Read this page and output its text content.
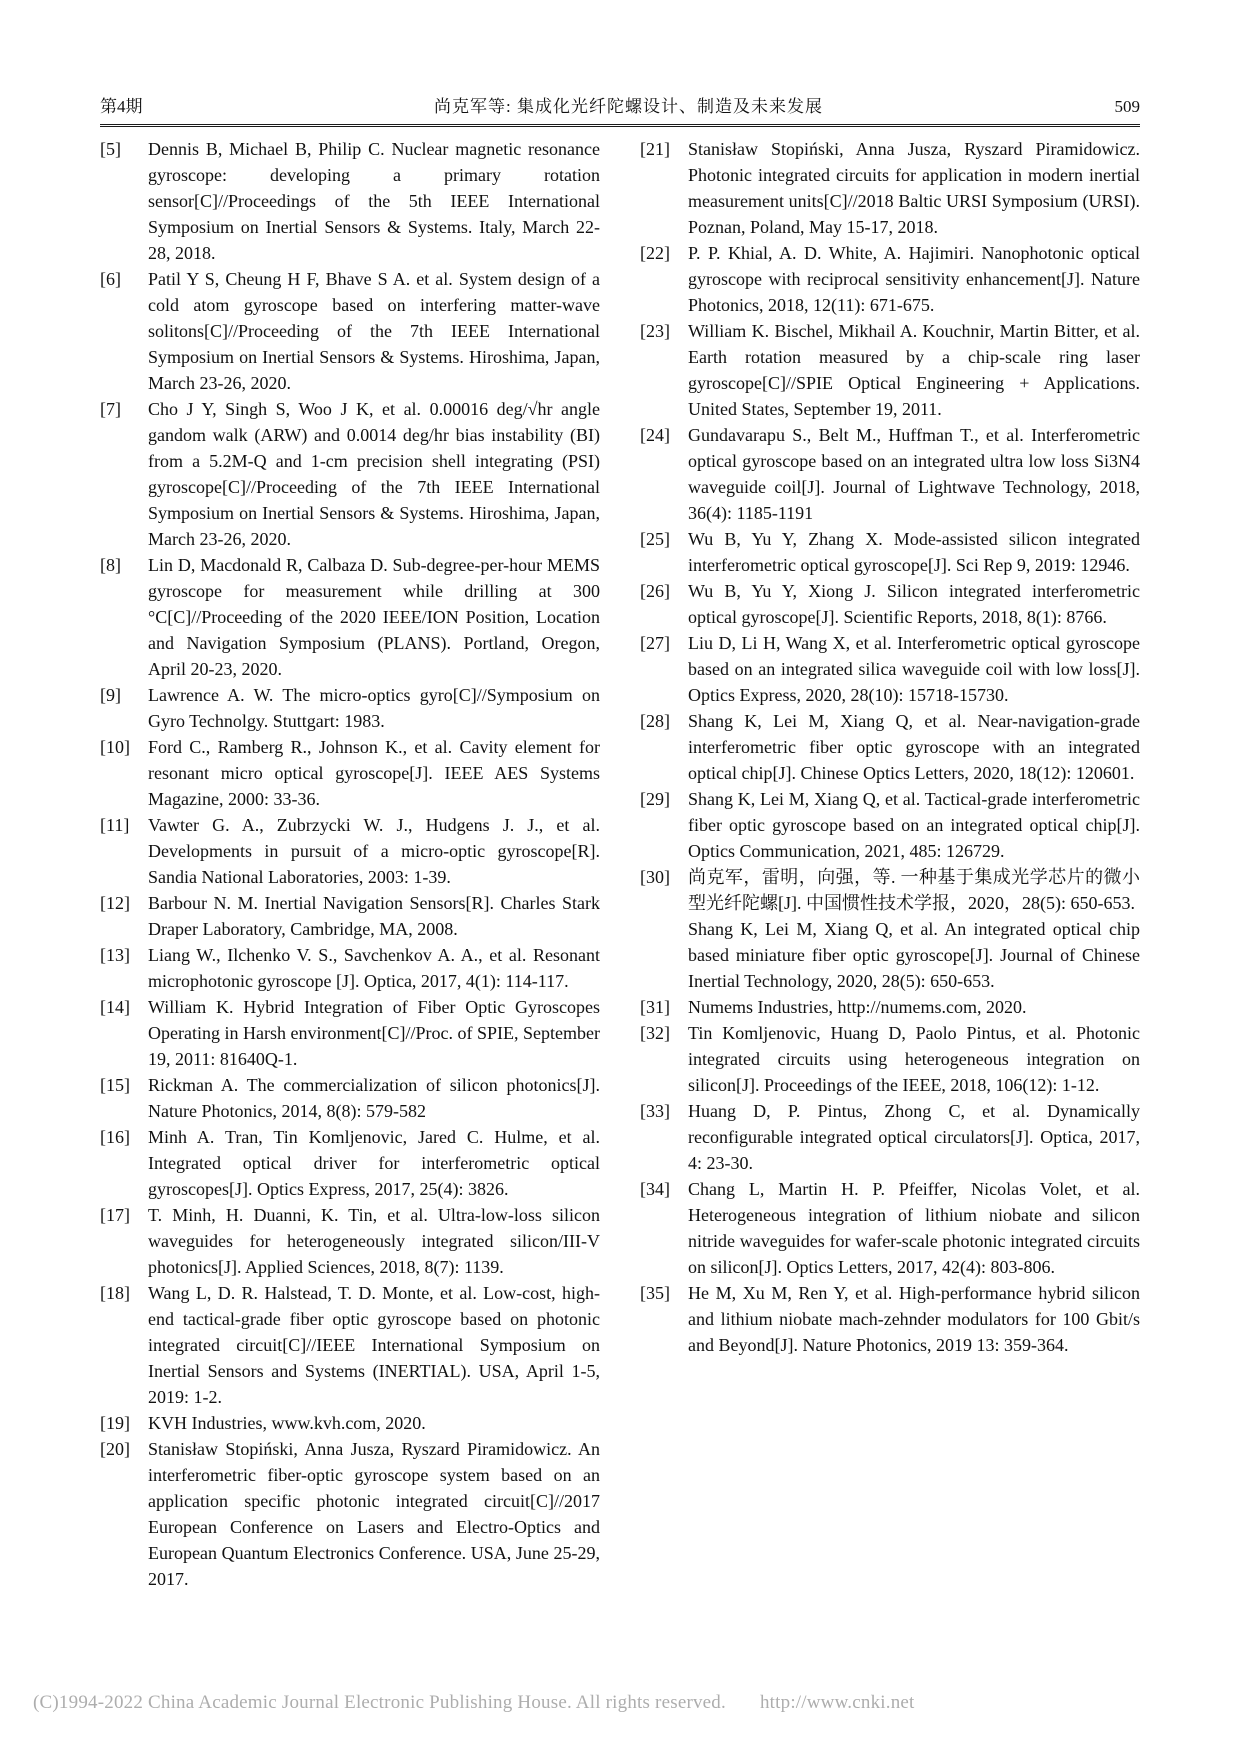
第4期	尚克军等: 集成化光纤陀螺设计、制造及未来发展	509
[5] Dennis B, Michael B, Philip C. Nuclear magnetic resonance gyroscope: developing a primary rotation sensor[C]//Proceedings of the 5th IEEE International Symposium on Inertial Sensors & Systems. Italy, March 22-28, 2018.
[6] Patil Y S, Cheung H F, Bhave S A. et al. System design of a cold atom gyroscope based on interfering matter-wave solitons[C]//Proceeding of the 7th IEEE International Symposium on Inertial Sensors & Systems. Hiroshima, Japan, March 23-26, 2020.
[7] Cho J Y, Singh S, Woo J K, et al. 0.00016 deg/√hr angle gandom walk (ARW) and 0.0014 deg/hr bias instability (BI) from a 5.2M-Q and 1-cm precision shell integrating (PSI) gyroscope[C]//Proceeding of the 7th IEEE International Symposium on Inertial Sensors & Systems. Hiroshima, Japan, March 23-26, 2020.
[8] Lin D, Macdonald R, Calbaza D. Sub-degree-per-hour MEMS gyroscope for measurement while drilling at 300 °C[C]//Proceeding of the 2020 IEEE/ION Position, Location and Navigation Symposium (PLANS). Portland, Oregon, April 20-23, 2020.
[9] Lawrence A. W. The micro-optics gyro[C]//Symposium on Gyro Technolgy. Stuttgart: 1983.
[10] Ford C., Ramberg R., Johnson K., et al. Cavity element for resonant micro optical gyroscope[J]. IEEE AES Systems Magazine, 2000: 33-36.
[11] Vawter G. A., Zubrzycki W. J., Hudgens J. J., et al. Developments in pursuit of a micro-optic gyroscope[R]. Sandia National Laboratories, 2003: 1-39.
[12] Barbour N. M. Inertial Navigation Sensors[R]. Charles Stark Draper Laboratory, Cambridge, MA, 2008.
[13] Liang W., Ilchenko V. S., Savchenkov A. A., et al. Resonant microphotonic gyroscope [J]. Optica, 2017, 4(1): 114-117.
[14] William K. Hybrid Integration of Fiber Optic Gyroscopes Operating in Harsh environment[C]//Proc. of SPIE, September 19, 2011: 81640Q-1.
[15] Rickman A. The commercialization of silicon photonics[J]. Nature Photonics, 2014, 8(8): 579-582
[16] Minh A. Tran, Tin Komljenovic, Jared C. Hulme, et al. Integrated optical driver for interferometric optical gyroscopes[J]. Optics Express, 2017, 25(4): 3826.
[17] T. Minh, H. Duanni, K. Tin, et al. Ultra-low-loss silicon waveguides for heterogeneously integrated silicon/III-V photonics[J]. Applied Sciences, 2018, 8(7): 1139.
[18] Wang L, D. R. Halstead, T. D. Monte, et al. Low-cost, high-end tactical-grade fiber optic gyroscope based on photonic integrated circuit[C]//IEEE International Symposium on Inertial Sensors and Systems (INERTIAL). USA, April 1-5, 2019: 1-2.
[19] KVH Industries, www.kvh.com, 2020.
[20] Stanisław Stopiński, Anna Jusza, Ryszard Piramidowicz. An interferometric fiber-optic gyroscope system based on an application specific photonic integrated circuit[C]//2017 European Conference on Lasers and Electro-Optics and European Quantum Electronics Conference. USA, June 25-29, 2017.
[21] Stanisław Stopiński, Anna Jusza, Ryszard Piramidowicz. Photonic integrated circuits for application in modern inertial measurement units[C]//2018 Baltic URSI Symposium (URSI). Poznan, Poland, May 15-17, 2018.
[22] P. P. Khial, A. D. White, A. Hajimiri. Nanophotonic optical gyroscope with reciprocal sensitivity enhancement[J]. Nature Photonics, 2018, 12(11): 671-675.
[23] William K. Bischel, Mikhail A. Kouchnir, Martin Bitter, et al. Earth rotation measured by a chip-scale ring laser gyroscope[C]//SPIE Optical Engineering + Applications. United States, September 19, 2011.
[24] Gundavarapu S., Belt M., Huffman T., et al. Interferometric optical gyroscope based on an integrated ultra low loss Si3N4 waveguide coil[J]. Journal of Lightwave Technology, 2018, 36(4): 1185-1191
[25] Wu B, Yu Y, Zhang X. Mode-assisted silicon integrated interferometric optical gyroscope[J]. Sci Rep 9, 2019: 12946.
[26] Wu B, Yu Y, Xiong J. Silicon integrated interferometric optical gyroscope[J]. Scientific Reports, 2018, 8(1): 8766.
[27] Liu D, Li H, Wang X, et al. Interferometric optical gyroscope based on an integrated silica waveguide coil with low loss[J]. Optics Express, 2020, 28(10): 15718-15730.
[28] Shang K, Lei M, Xiang Q, et al. Near-navigation-grade interferometric fiber optic gyroscope with an integrated optical chip[J]. Chinese Optics Letters, 2020, 18(12): 120601.
[29] Shang K, Lei M, Xiang Q, et al. Tactical-grade interferometric fiber optic gyroscope based on an integrated optical chip[J]. Optics Communication, 2021, 485: 126729.
[30] 尚克军，雷明，向强，等. 一种基于集成光学芯片的微小型光纤陀螺[J]. 中国惯性技术学报，2020，28(5): 650-653.
Shang K, Lei M, Xiang Q, et al. An integrated optical chip based miniature fiber optic gyroscope[J]. Journal of Chinese Inertial Technology, 2020, 28(5): 650-653.
[31] Numems Industries, http://numems.com, 2020.
[32] Tin Komljenovic, Huang D, Paolo Pintus, et al. Photonic integrated circuits using heterogeneous integration on silicon[J]. Proceedings of the IEEE, 2018, 106(12): 1-12.
[33] Huang D, P. Pintus, Zhong C, et al. Dynamically reconfigurable integrated optical circulators[J]. Optica, 2017, 4: 23-30.
[34] Chang L, Martin H. P. Pfeiffer, Nicolas Volet, et al. Heterogeneous integration of lithium niobate and silicon nitride waveguides for wafer-scale photonic integrated circuits on silicon[J]. Optics Letters, 2017, 42(4): 803-806.
[35] He M, Xu M, Ren Y, et al. High-performance hybrid silicon and lithium niobate mach-zehnder modulators for 100 Gbit/s and Beyond[J]. Nature Photonics, 2019 13: 359-364.
(C)1994-2022 China Academic Journal Electronic Publishing House. All rights reserved. http://www.cnki.net
